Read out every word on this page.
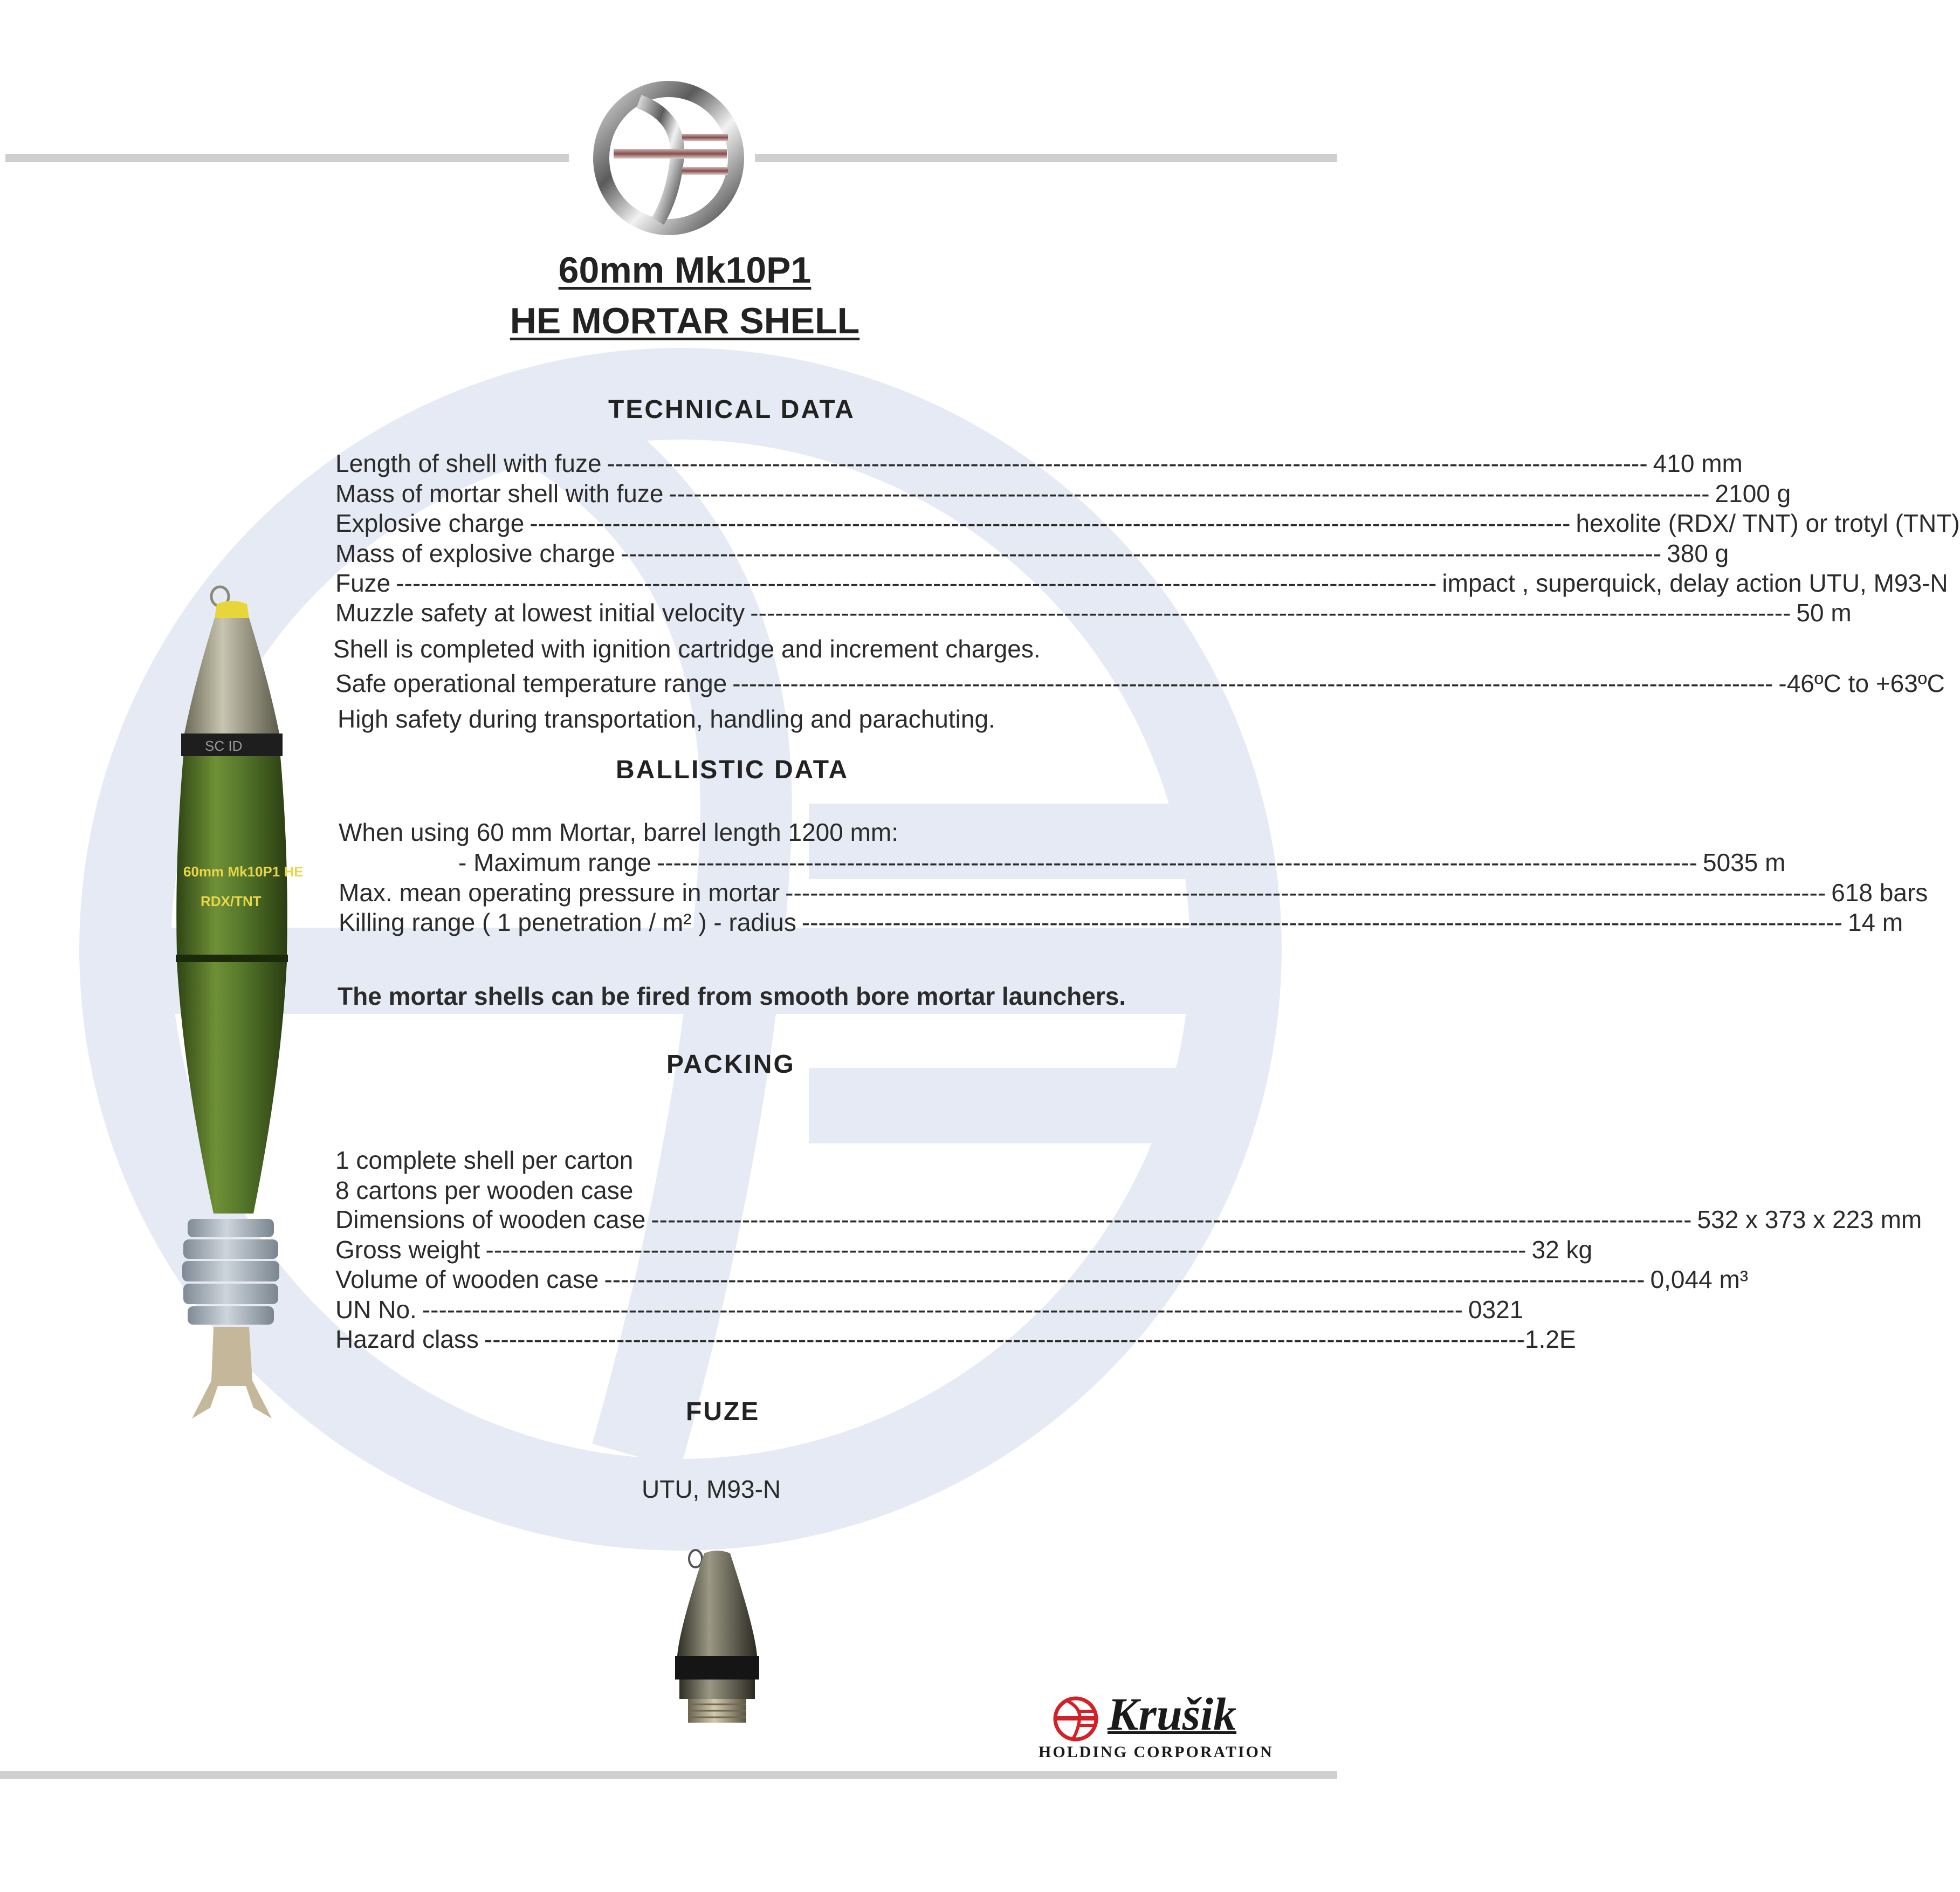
60mm Mk10P1
HE MORTAR SHELL
SC ID
60mm Mk10P1 HE
RDX/TNT
TECHNICAL DATA
Length of shell with fuze ------------------------------------------------------------------------------------------------------------------------------ 410 mm
Mass of mortar shell with fuze ------------------------------------------------------------------------------------------------------------------------------ 2100 g
Explosive charge ------------------------------------------------------------------------------------------------------------------------------ hexolite (RDX/ TNT) or trotyl (TNT)
Mass of explosive charge ------------------------------------------------------------------------------------------------------------------------------ 380 g
Fuze ------------------------------------------------------------------------------------------------------------------------------ impact , superquick, delay action UTU, M93-N
Muzzle safety at lowest initial velocity ------------------------------------------------------------------------------------------------------------------------------ 50 m
Shell is completed with ignition cartridge and increment charges.
Safe operational temperature range ------------------------------------------------------------------------------------------------------------------------------ -46ºC to +63ºC
High safety during transportation, handling and parachuting.
BALLISTIC DATA
When using 60 mm Mortar, barrel length 1200 mm:
- Maximum range ------------------------------------------------------------------------------------------------------------------------------ 5035 m
Max. mean operating pressure in mortar ------------------------------------------------------------------------------------------------------------------------------ 618 bars
Killing range ( 1 penetration / m² ) - radius ------------------------------------------------------------------------------------------------------------------------------ 14 m
The mortar shells can be fired from smooth bore mortar launchers.
PACKING
1 complete shell per carton
8 cartons per wooden case
Dimensions of wooden case ------------------------------------------------------------------------------------------------------------------------------ 532 x 373 x 223 mm
Gross weight ------------------------------------------------------------------------------------------------------------------------------ 32 kg
Volume of wooden case ------------------------------------------------------------------------------------------------------------------------------ 0,044 m³
UN No. ------------------------------------------------------------------------------------------------------------------------------ 0321
Hazard class ------------------------------------------------------------------------------------------------------------------------------ 1.2E
FUZE
UTU, M93-N
Krušik
HOLDING CORPORATION
